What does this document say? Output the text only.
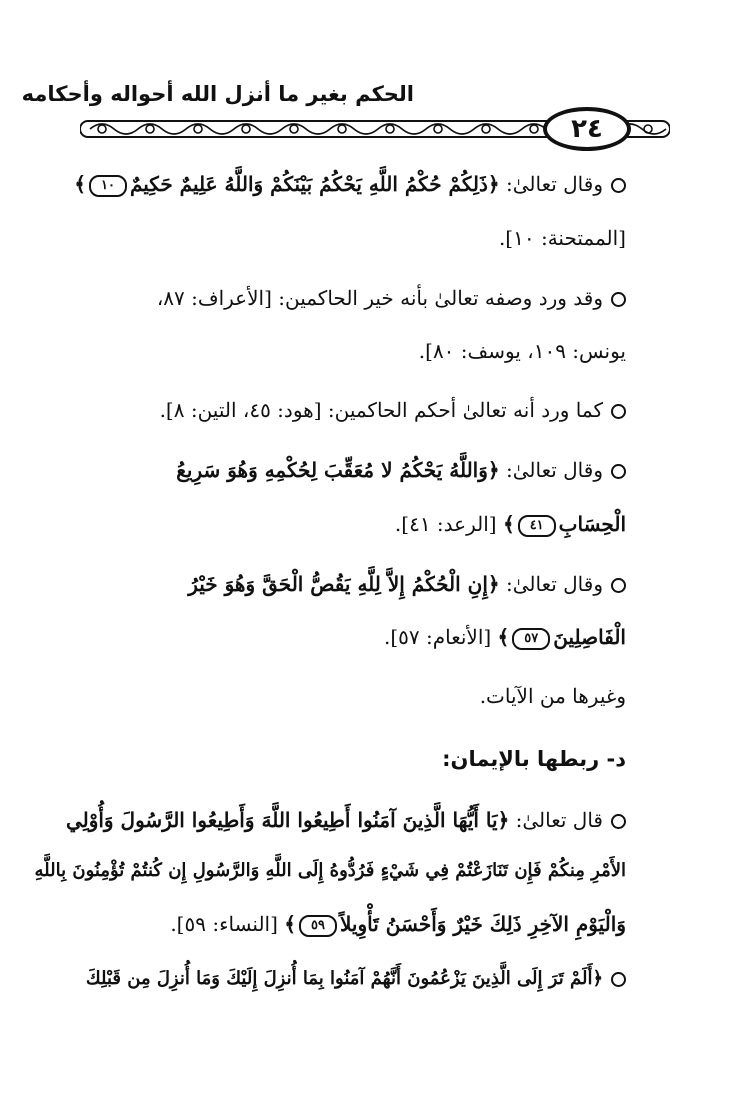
الحكم بغير ما أنزل الله أحواله وأحكامه
٢٤
وقال تعالىٰ: ﴿ذَلِكُمْ حُكْمُ اللَّهِ يَحْكُمُ بَيْنَكُمْ وَاللَّهُ عَلِيمٌ حَكِيمٌ١٠﴾
[الممتحنة: ١٠].
وقد ورد وصفه تعالىٰ بأنه خير الحاكمين: [الأعراف: ٨٧،
يونس: ١٠٩، يوسف: ٨٠].
كما ورد أنه تعالىٰ أحكم الحاكمين: [هود: ٤٥، التين: ٨].
وقال تعالىٰ: ﴿وَاللَّهُ يَحْكُمُ لا مُعَقِّبَ لِحُكْمِهِ وَهُوَ سَرِيعُ
الْحِسَابِ٤١﴾ [الرعد: ٤١].
وقال تعالىٰ: ﴿إِنِ الْحُكْمُ إِلاَّ لِلَّهِ يَقُصُّ الْحَقَّ وَهُوَ خَيْرُ
الْفَاصِلِينَ٥٧﴾ [الأنعام: ٥٧].
وغيرها من الآيات.
د- ربطها بالإيمان:
قال تعالىٰ: ﴿يَا أَيُّهَا الَّذِينَ آمَنُوا أَطِيعُوا اللَّهَ وَأَطِيعُوا الرَّسُولَ وَأُوْلِي
الأَمْرِ مِنكُمْ فَإِن تَنَازَعْتُمْ فِي شَيْءٍ فَرُدُّوهُ إِلَى اللَّهِ وَالرَّسُولِ إِن كُنتُمْ تُؤْمِنُونَ بِاللَّهِ
وَالْيَوْمِ الآخِرِ ذَلِكَ خَيْرٌ وَأَحْسَنُ تَأْوِيلاً٥٩﴾ [النساء: ٥٩].
﴿أَلَمْ تَرَ إِلَى الَّذِينَ يَزْعُمُونَ أَنَّهُمْ آمَنُوا بِمَا أُنزِلَ إِلَيْكَ وَمَا أُنزِلَ مِن قَبْلِكَ
